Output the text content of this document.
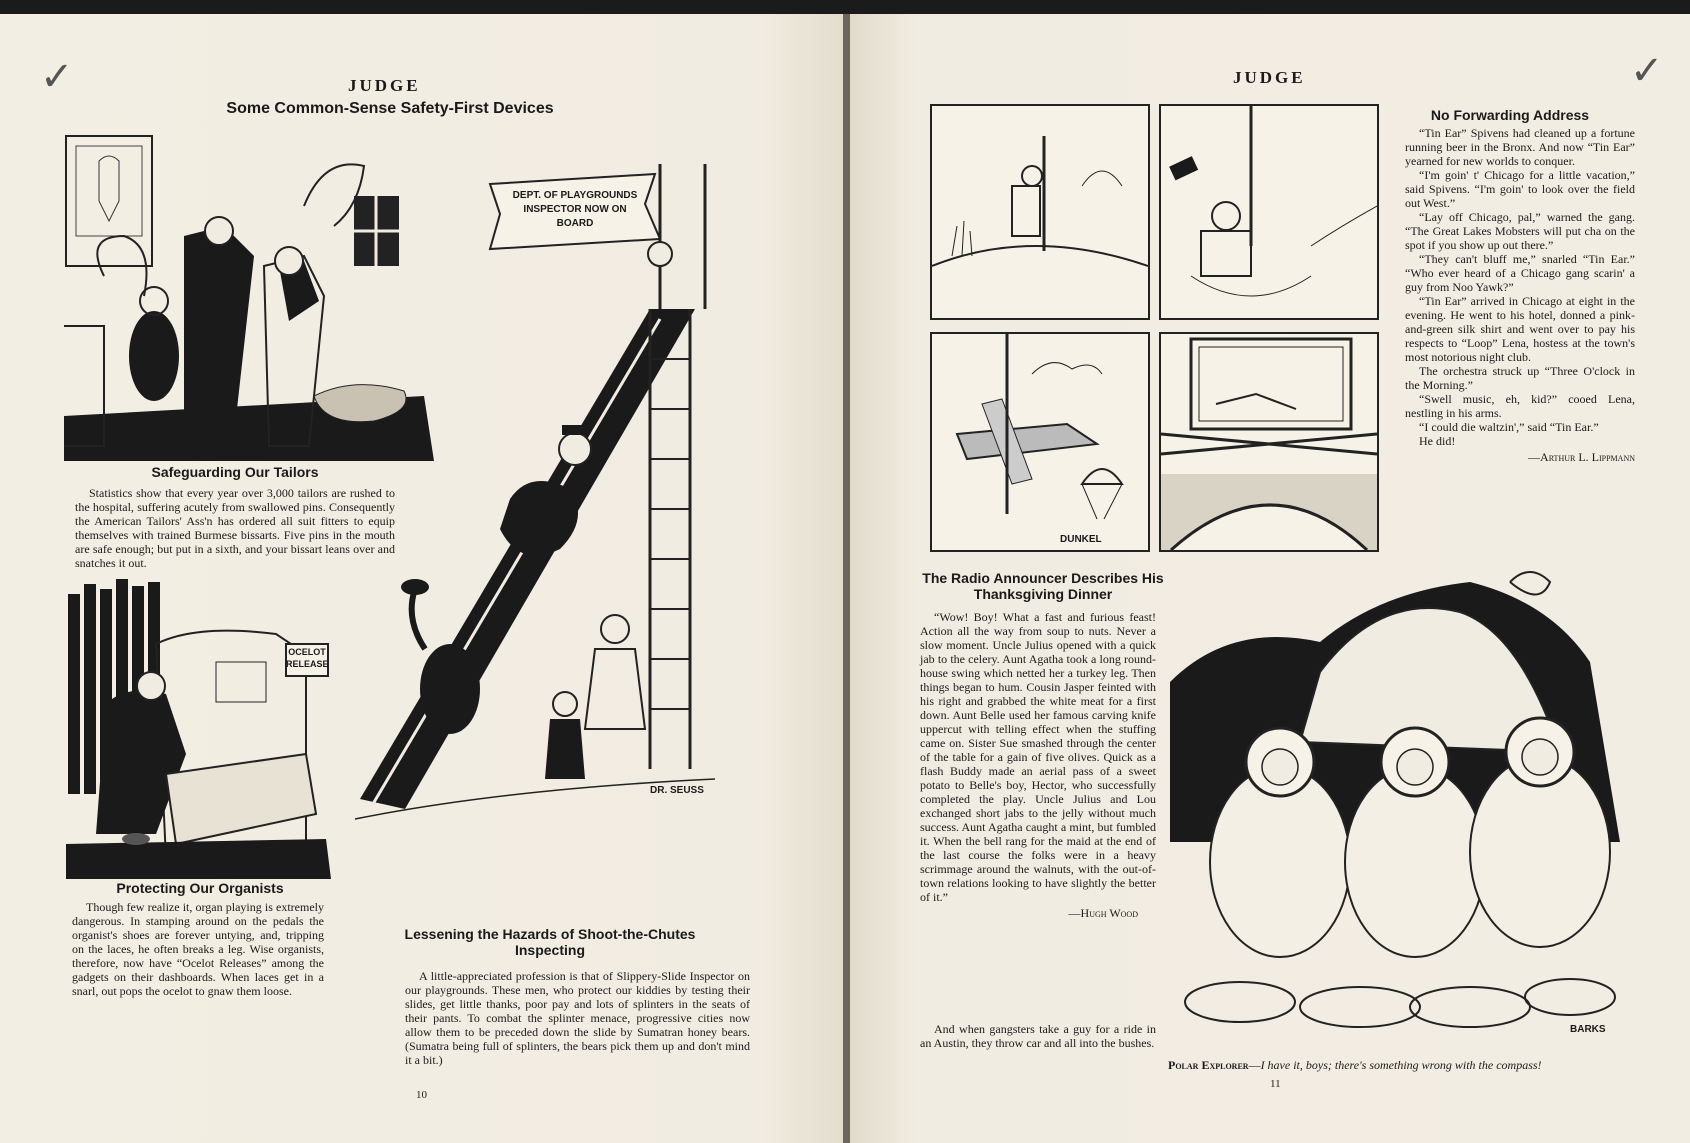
✓	JUDGE
Some Common-Sense Safety-First Devices
Safeguarding Our Tailors

Statistics show that every year over 3,000 tailors are rushed to the hospital, suffering acutely from swallowed pins. Consequently the American Tailors' Ass'n has ordered all suit fitters to equip themselves with trained Burmese bissarts. Five pins in the mouth are safe enough; but put in a sixth, and your bissart leans over and snatches it out.

OCELOT RELEASE
Protecting Our Organists

Though few realize it, organ playing is extremely dangerous. In stamping around on the pedals the organist's shoes are forever untying, and, tripping on the laces, he often breaks a leg. Wise organists, therefore, now have “Ocelot Releases” among the gadgets on their dashboards. When laces get in a snarl, out pops the ocelot to gnaw them loose.

DEPT. OF PLAYGROUNDS INSPECTOR NOW ON BOARD
DR. SEUSS
Lessening the Hazards of Shoot-the-Chutes Inspecting

A little-appreciated profession is that of Slippery-Slide Inspector on our playgrounds. These men, who protect our kiddies by testing their slides, get little thanks, poor pay and lots of splinters in the seats of their pants. To combat the splinter menace, progressive cities now allow them to be preceded down the slide by Sumatran honey bears. (Sumatra being full of splinters, the bears pick them up and don't mind it a bit.)

10
✓
JUDGE
DUNKEL
No Forwarding Address

“Tin Ear” Spivens had cleaned up a fortune running beer in the Bronx. And now “Tin Ear” yearned for new worlds to conquer.

“I'm goin' t' Chicago for a little vacation,” said Spivens. “I'm goin' to look over the field out West.”

“Lay off Chicago, pal,” warned the gang. “The Great Lakes Mobsters will put cha on the spot if you show up out there.”

“They can't bluff me,” snarled “Tin Ear.” “Who ever heard of a Chicago gang scarin' a guy from Noo Yawk?”

“Tin Ear” arrived in Chicago at eight in the evening. He went to his hotel, donned a pink-and-green silk shirt and went over to pay his respects to “Loop” Lena, hostess at the town's most notorious night club.

The orchestra struck up “Three O'clock in the Morning.”

“Swell music, eh, kid?” cooed Lena, nestling in his arms.

“I could die waltzin',” said “Tin Ear.”

He did!

—Arthur L. Lippmann
The Radio Announcer Describes His Thanksgiving Dinner

“Wow! Boy! What a fast and furious feast! Action all the way from soup to nuts. Never a slow moment. Uncle Julius opened with a quick jab to the celery. Aunt Agatha took a long round-house swing which netted her a turkey leg. Then things began to hum. Cousin Jasper feinted with his right and grabbed the white meat for a first down. Aunt Belle used her famous carving knife uppercut with telling effect when the stuffing came on. Sister Sue smashed through the center of the table for a gain of five olives. Quick as a flash Buddy made an aerial pass of a sweet potato to Belle's boy, Hector, who successfully completed the play. Uncle Julius and Lou exchanged short jabs to the jelly without much success. Aunt Agatha caught a mint, but fumbled it. When the bell rang for the maid at the end of the last course the folks were in a heavy scrimmage around the walnuts, with the out-of-town relations looking to have slightly the better of it.”

—Hugh Wood

And when gangsters take a guy for a ride in an Austin, they throw car and all into the bushes.

BARKS
Polar Explorer—I have it, boys; there's something wrong with the compass!
11
